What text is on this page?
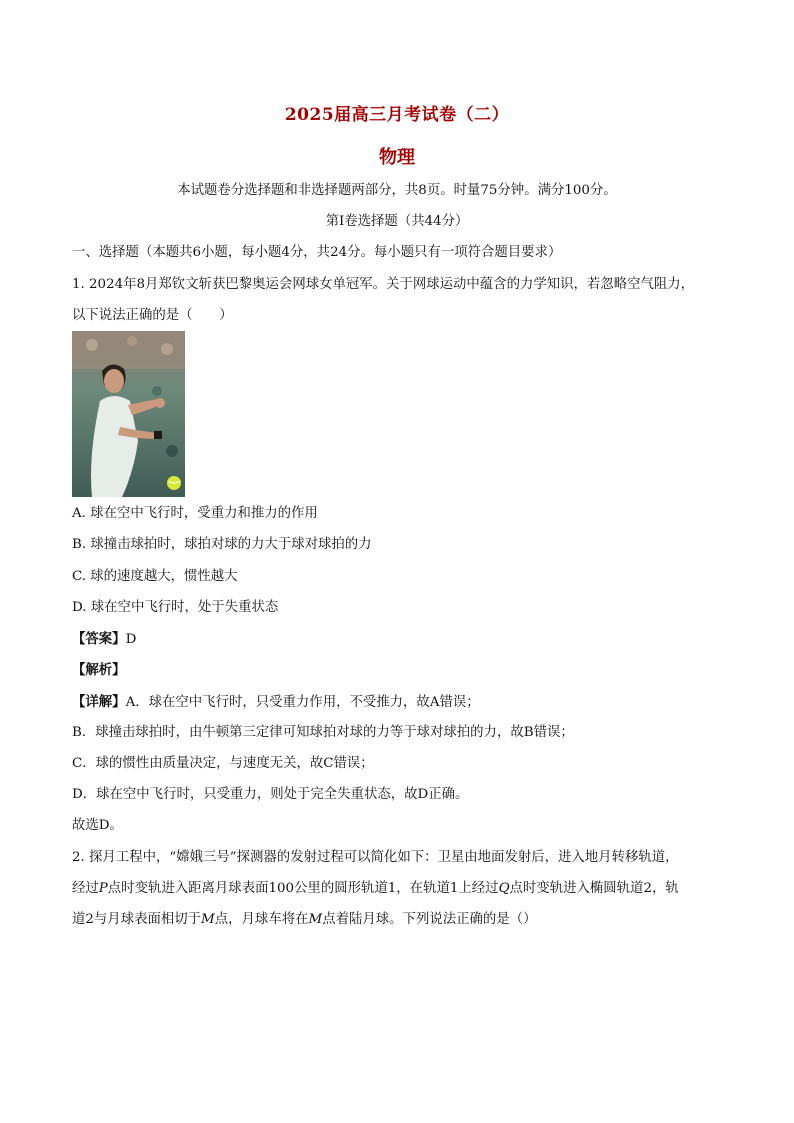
2025届高三月考试卷（二）
物理
本试题卷分选择题和非选择题两部分，共8页。时量75分钟。满分100分。
第Ⅰ卷选择题（共44分）
一、选择题（本题共6小题，每小题4分，共24分。每小题只有一项符合题目要求）
1. 2024年8月郑钦文斩获巴黎奥运会网球女单冠军。关于网球运动中蕴含的力学知识，若忽略空气阻力，
以下说法正确的是（　　）
A. 球在空中飞行时，受重力和推力的作用
B. 球撞击球拍时，球拍对球的力大于球对球拍的力
C. 球的速度越大，惯性越大
D. 球在空中飞行时，处于失重状态
【答案】D
【解析】
【详解】A．球在空中飞行时，只受重力作用，不受推力，故A错误；
B．球撞击球拍时，由牛顿第三定律可知球拍对球的力等于球对球拍的力，故B错误；
C．球的惯性由质量决定，与速度无关，故C错误；
D．球在空中飞行时，只受重力，则处于完全失重状态，故D正确。
故选D。
2. 探月工程中，“嫦娥三号”探测器的发射过程可以简化如下：卫星由地面发射后，进入地月转移轨道，
经过P点时变轨进入距离月球表面100公里的圆形轨道1，在轨道1上经过Q点时变轨进入椭圆轨道2，轨
道2与月球表面相切于M点，月球车将在M点着陆月球。下列说法正确的是（）
